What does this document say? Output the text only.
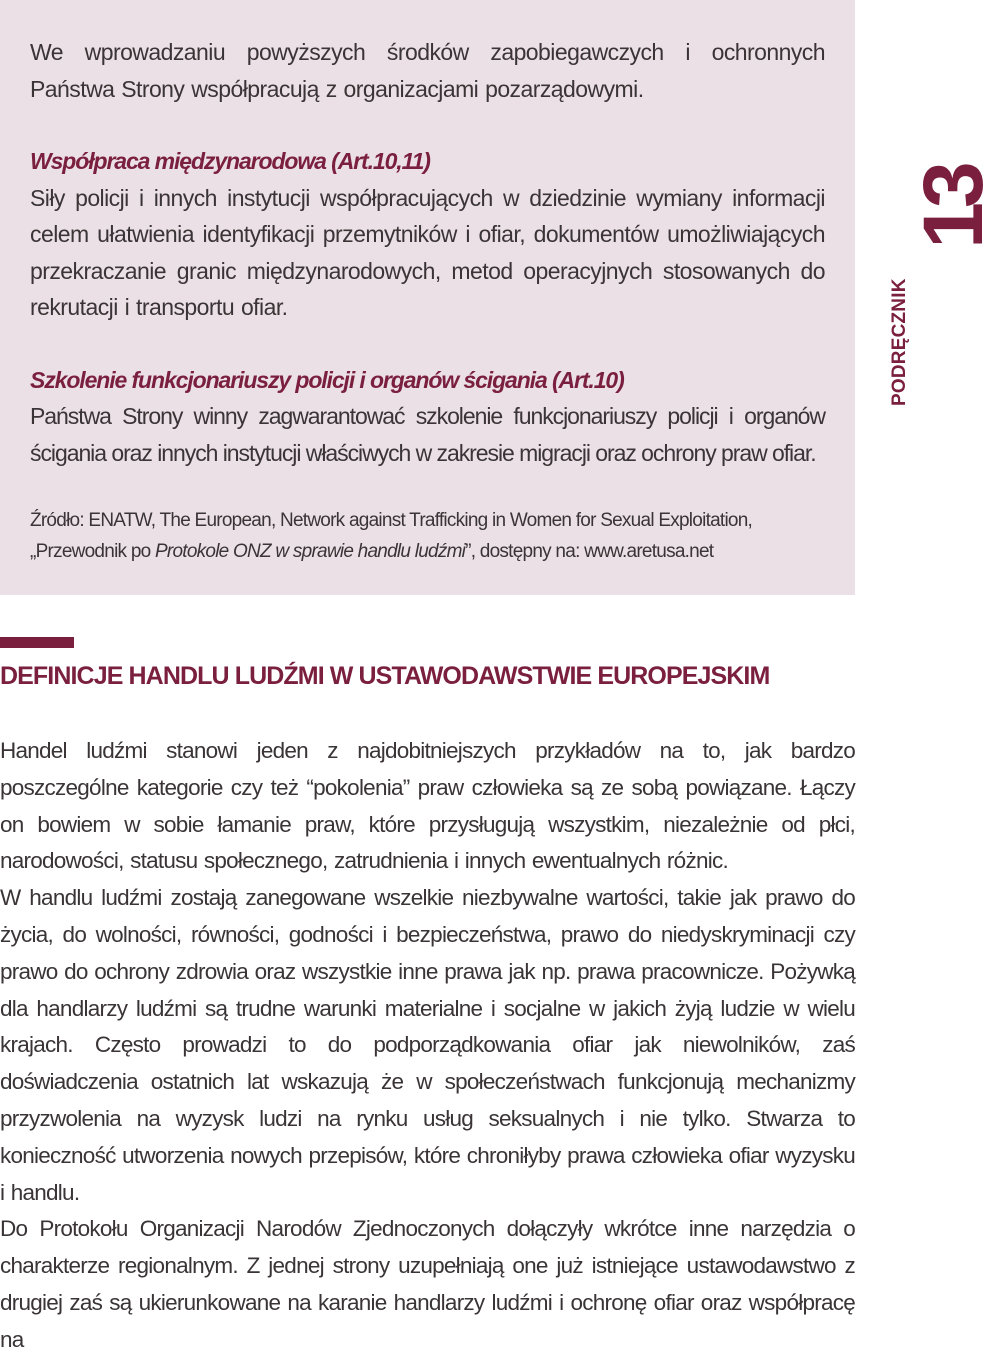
We wprowadzaniu powyższych środków zapobiegawczych i ochronnych Państwa Strony współpracują z organizacjami pozarządowymi.

Współpraca międzynarodowa (Art.10,11)

Siły policji i innych instytucji współpracujących w dziedzinie wymiany informacji celem ułatwienia identyfikacji przemytników i ofiar, dokumentów umożliwiających przekraczanie granic międzynarodowych, metod operacyjnych stosowanych do rekrutacji i transportu ofiar.

Szkolenie funkcjonariuszy policji i organów ścigania (Art.10)

Państwa Strony winny zagwarantować szkolenie funkcjonariuszy policji i organów ścigania oraz innych instytucji właściwych w zakresie migracji oraz ochrony praw ofiar.

Źródło: ENATW, The European, Network against Trafficking in Women for Sexual Exploitation, „Przewodnik po Protokole ONZ w sprawie handlu ludźmi”, dostępny na: www.aretusa.net

13
PODRĘCZNIK
DEFINICJE HANDLU LUDŹMI W USTAWODAWSTWIE EUROPEJSKIM

Handel ludźmi stanowi jeden z najdobitniejszych przykładów na to, jak bardzo poszczególne kategorie czy też “pokolenia” praw człowieka są ze sobą powiązane. Łączy on bowiem w sobie łamanie praw, które przysługują wszystkim, niezależnie od płci, narodowości, statusu społecznego, zatrudnienia i innych ewentualnych różnic.

W handlu ludźmi zostają zanegowane wszelkie niezbywalne wartości, takie jak prawo do życia, do wolności, równości, godności i bezpieczeństwa, prawo do niedyskryminacji czy prawo do ochrony zdrowia oraz wszystkie inne prawa jak np. prawa pracownicze. Pożywką dla handlarzy ludźmi są trudne warunki materialne i socjalne w jakich żyją ludzie w wielu krajach. Często prowadzi to do podporządkowania ofiar jak niewolników, zaś doświadczenia ostatnich lat wskazują że w społeczeństwach funkcjonują mechanizmy przyzwolenia na wyzysk ludzi na rynku usług seksualnych i nie tylko. Stwarza to konieczność utworzenia nowych przepisów, które chroniłyby prawa człowieka ofiar wyzysku i handlu.

Do Protokołu Organizacji Narodów Zjednoczonych dołączyły wkrótce inne narzędzia o charakterze regionalnym. Z jednej strony uzupełniają one już istniejące ustawodawstwo z drugiej zaś są ukierunkowane na karanie handlarzy ludźmi i ochronę ofiar oraz współpracę na
